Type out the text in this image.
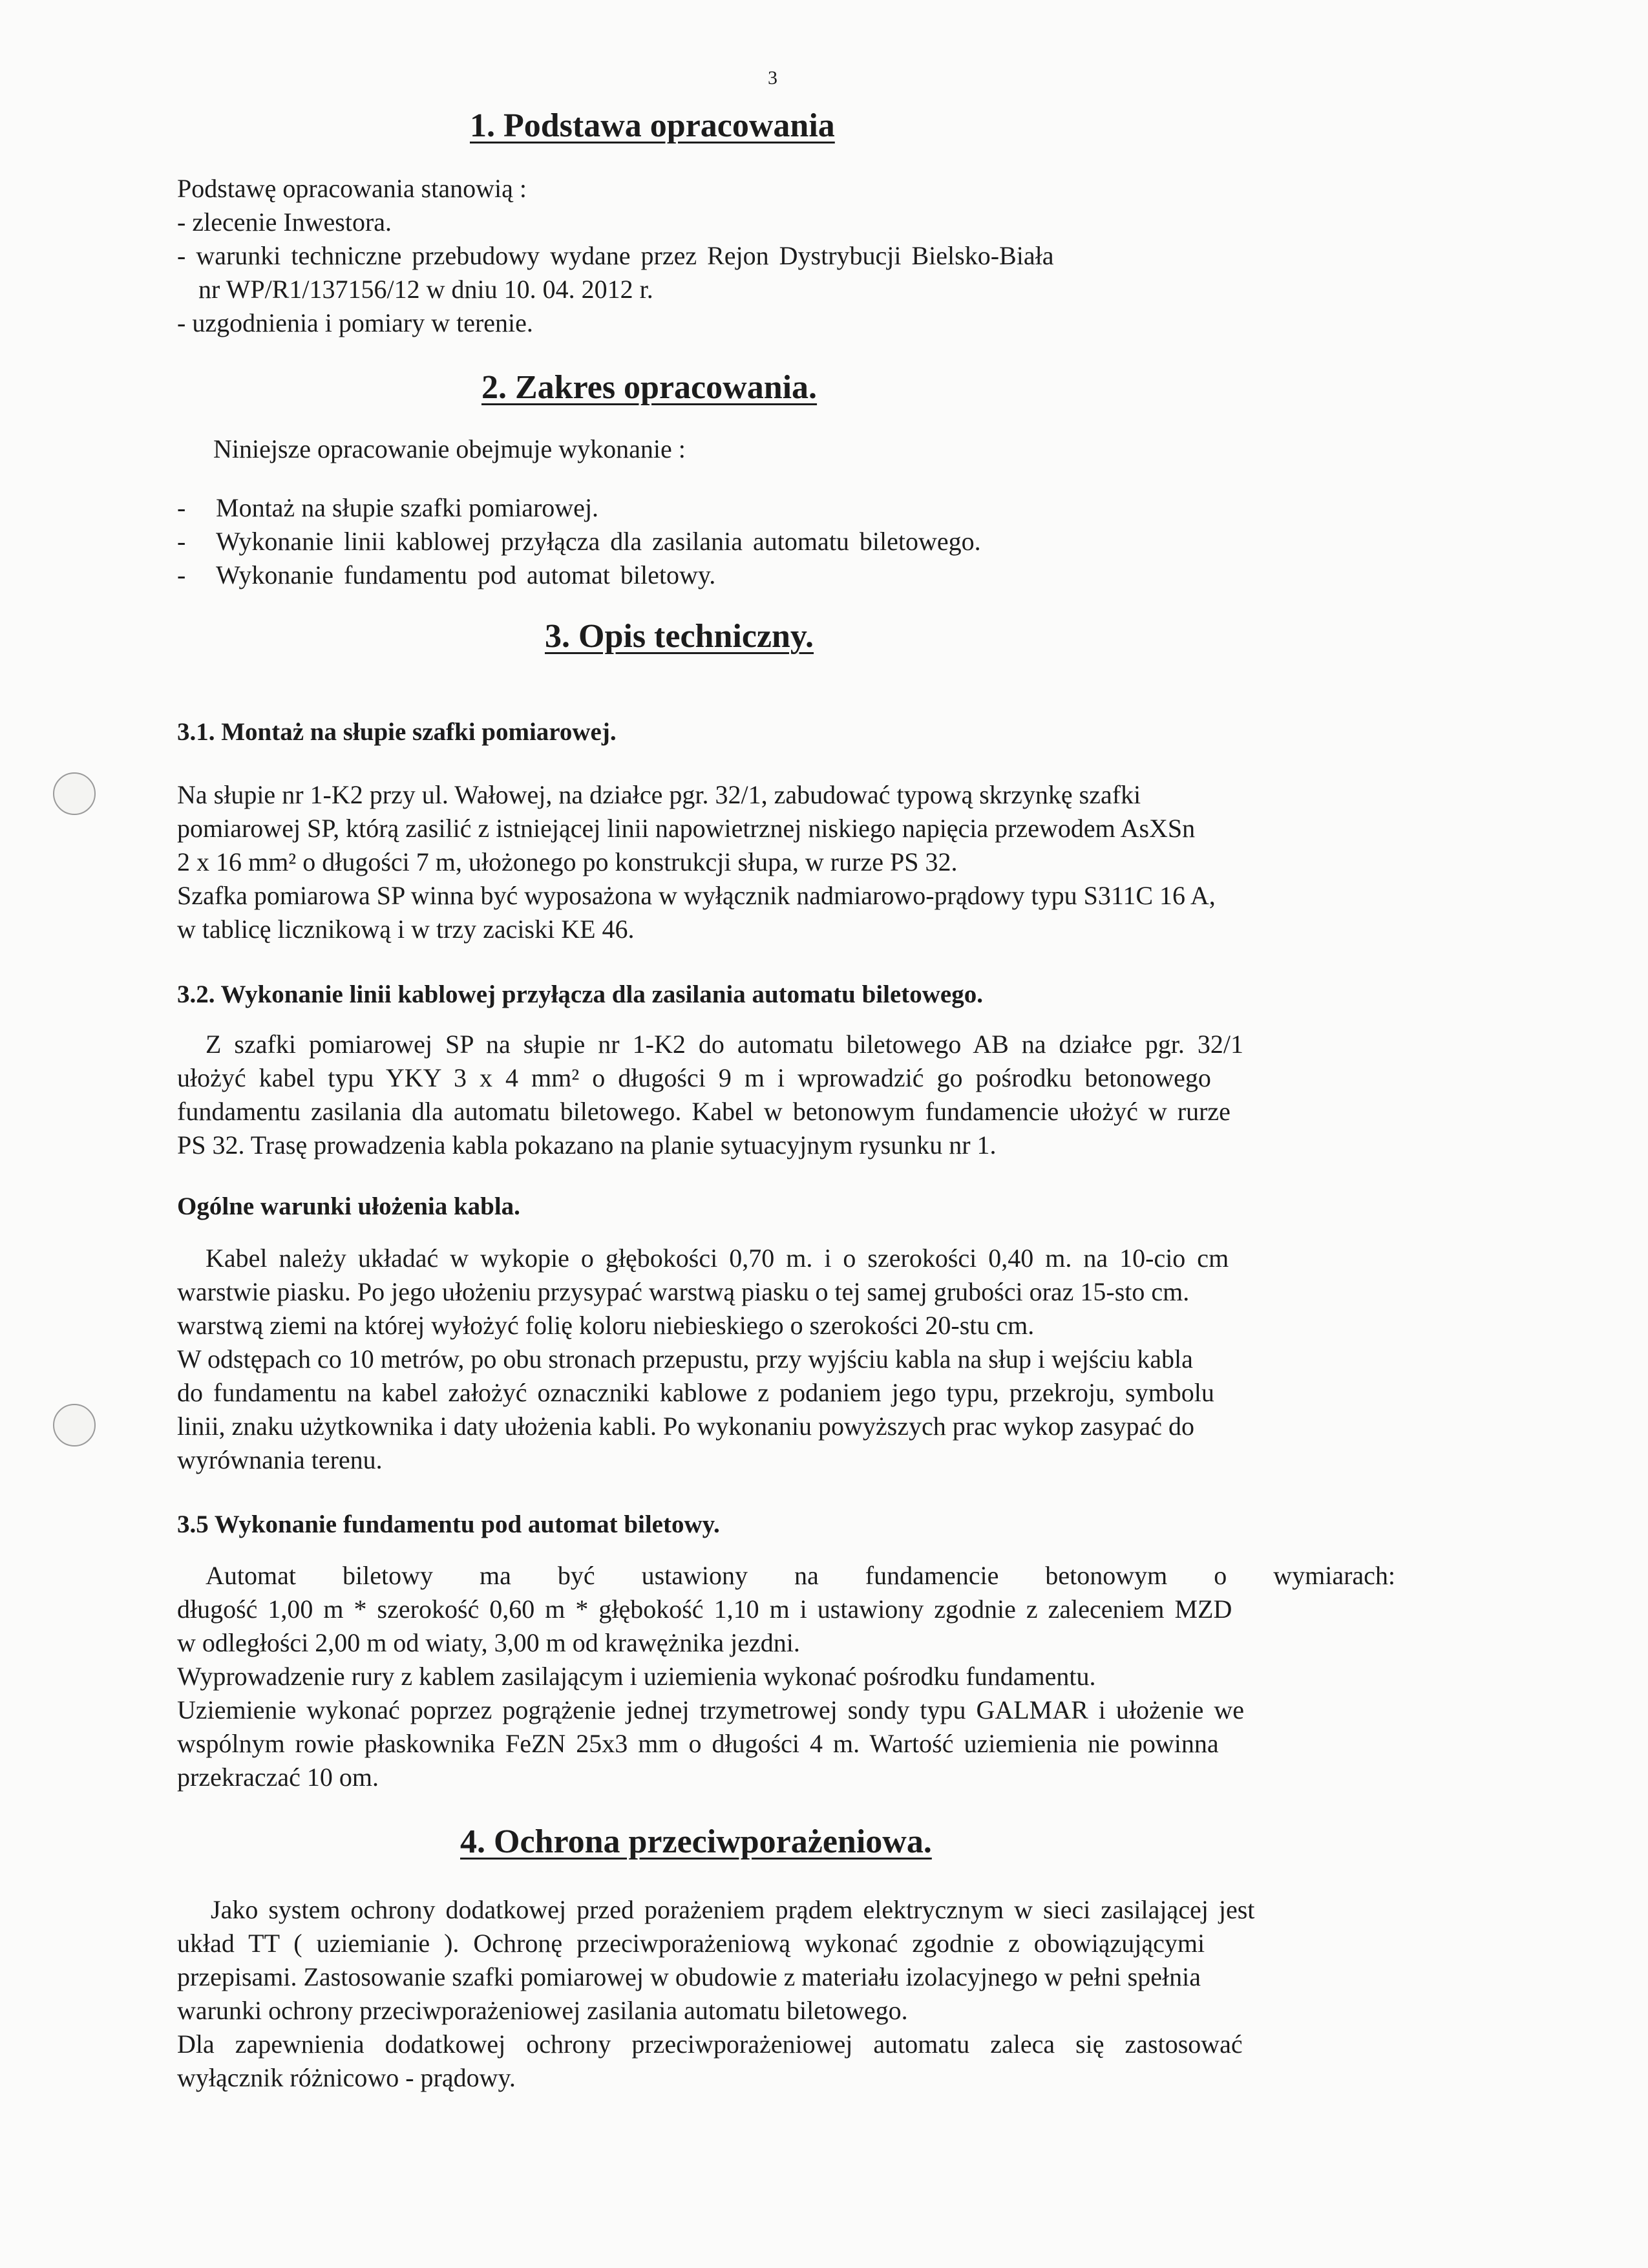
3
1. Podstawa opracowania
Podstawę opracowania stanowią :
- zlecenie Inwestora.
- warunki techniczne przebudowy wydane przez Rejon Dystrybucji Bielsko-Biała
nr WP/R1/137156/12 w dniu 10. 04. 2012 r.
- uzgodnienia i pomiary w terenie.
2. Zakres opracowania.
Niniejsze opracowanie obejmuje wykonanie :
- Montaż na słupie szafki pomiarowej.
- Wykonanie linii kablowej przyłącza dla zasilania automatu biletowego.
- Wykonanie fundamentu pod automat biletowy.
3. Opis techniczny.
3.1. Montaż na słupie szafki pomiarowej.
Na słupie nr 1-K2 przy ul. Wałowej, na działce pgr. 32/1, zabudować typową skrzynkę szafki
pomiarowej SP, którą zasilić z istniejącej linii napowietrznej niskiego napięcia przewodem AsXSn
2 x 16 mm² o długości 7 m, ułożonego po konstrukcji słupa, w rurze PS 32.
Szafka pomiarowa SP winna być wyposażona w wyłącznik nadmiarowo-prądowy typu S311C 16 A,
w tablicę licznikową i w trzy zaciski KE 46.
3.2. Wykonanie linii kablowej przyłącza dla zasilania automatu biletowego.
Z szafki pomiarowej SP na słupie nr 1-K2 do automatu biletowego AB na działce pgr. 32/1
ułożyć kabel typu YKY 3 x 4 mm² o długości 9 m i wprowadzić go pośrodku betonowego
fundamentu zasilania dla automatu biletowego. Kabel w betonowym fundamencie ułożyć w rurze
PS 32. Trasę prowadzenia kabla pokazano na planie sytuacyjnym rysunku nr 1.
Ogólne warunki ułożenia kabla.
Kabel należy układać w wykopie o głębokości 0,70 m. i o szerokości 0,40 m. na 10-cio cm
warstwie piasku. Po jego ułożeniu przysypać warstwą piasku o tej samej grubości oraz 15-sto cm.
warstwą ziemi na której wyłożyć folię koloru niebieskiego o szerokości 20-stu cm.
W odstępach co 10 metrów, po obu stronach przepustu, przy wyjściu kabla na słup i wejściu kabla
do fundamentu na kabel założyć oznaczniki kablowe z podaniem jego typu, przekroju, symbolu
linii, znaku użytkownika i daty ułożenia kabli. Po wykonaniu powyższych prac wykop zasypać do
wyrównania terenu.
3.5 Wykonanie fundamentu pod automat biletowy.
Automat biletowy ma być ustawiony na fundamencie betonowym o wymiarach:
długość 1,00 m * szerokość 0,60 m * głębokość 1,10 m i ustawiony zgodnie z zaleceniem MZD
w odległości 2,00 m od wiaty, 3,00 m od krawężnika jezdni.
Wyprowadzenie rury z kablem zasilającym i uziemienia wykonać pośrodku fundamentu.
Uziemienie wykonać poprzez pogrążenie jednej trzymetrowej sondy typu GALMAR i ułożenie we
wspólnym rowie płaskownika FeZN 25x3 mm o długości 4 m. Wartość uziemienia nie powinna
przekraczać 10 om.
4. Ochrona przeciwporażeniowa.
Jako system ochrony dodatkowej przed porażeniem prądem elektrycznym w sieci zasilającej jest
układ TT ( uziemianie ). Ochronę przeciwporażeniową wykonać zgodnie z obowiązującymi
przepisami. Zastosowanie szafki pomiarowej w obudowie z materiału izolacyjnego w pełni spełnia
warunki ochrony przeciwporażeniowej zasilania automatu biletowego.
Dla zapewnienia dodatkowej ochrony przeciwporażeniowej automatu zaleca się zastosować
wyłącznik różnicowo - prądowy.
